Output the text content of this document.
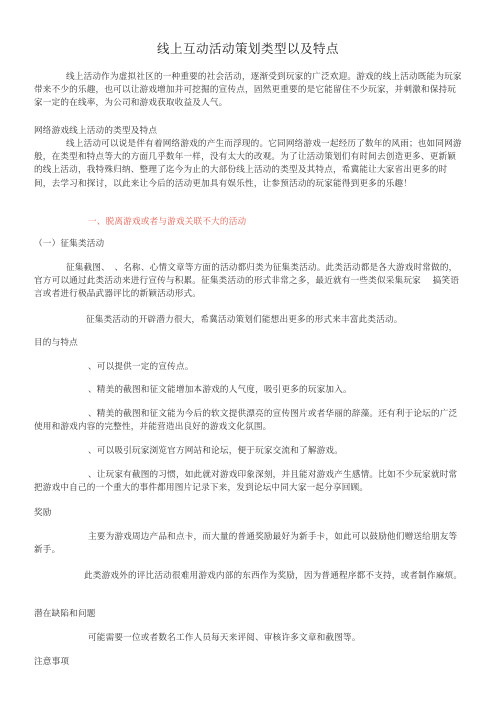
线上互动活动策划类型以及特点
线上活动作为虚拟社区的一种重要的社会活动，逐渐受到玩家的广泛欢迎。游戏的线上活动既能为玩家带来不少的乐趣，也可以让游戏增加并可挖掘的宣传点，固然更重要的是它能留住不少玩家，并刺激和保持玩家一定的在线率，为公司和游戏获取收益及人气。
网络游戏线上活动的类型及特点
线上活动可以说是伴有着网络游戏的产生而浮现的。它同网络游戏一起经历了数年的风雨；也如同网游般，在类型和特点等大的方面几乎数年一样，没有太大的改观。为了让活动策划们有时间去创造更多、更新颖的线上活动，我特殊归纳、整理了迄今为止的大部份线上活动的类型及其特点，希冀能让大家省出更多的时间，去学习和探讨，以此来让今后的活动更加具有娱乐性，让参预活动的玩家能得到更多的乐趣！
一、脱离游戏或者与游戏关联不大的活动
（一）征集类活动
征集截图、　、名称、心情文章等方面的活动都归类为征集类活动。此类活动都是各大游戏时常做的，官方可以通过此类活动来进行宣传与积累。征集类活动的形式非常之多，最近就有一些类似采集玩家　 搞笑语言或者进行极品武器评比的新颖活动形式。
征集类活动的开辟潜力很大，希冀活动策划们能想出更多的形式来丰富此类活动。
目的与特点
、可以提供一定的宣传点。
、精美的截图和征文能增加本游戏的人气度，吸引更多的玩家加入。
、精美的截图和征文能为今后的软文提供漂亮的宣传图片或者华丽的辞藻。还有利于论坛的广泛使用和游戏内容的完整性，并能营造出良好的游戏文化氛围。
、可以吸引玩家浏览官方网站和论坛，便于玩家交流和了解游戏。
、让玩家有截图的习惯，如此就对游戏印象深刻，并且能对游戏产生感情。比如不少玩家就时常把游戏中自己的一个重大的事件都用图片记录下来，发到论坛中同大家一起分享回顾。
奖励
主要为游戏周边产品和点卡，而大量的普通奖励最好为新手卡，如此可以鼓励他们赠送给朋友等新手。
此类游戏外的评比活动很难用游戏内部的东西作为奖励，因为普通程序都不支持，或者制作麻烦。
潜在缺陷和问题
可能需要一位或者数名工作人员每天来评阅、审核许多文章和截图等。
注意事项
